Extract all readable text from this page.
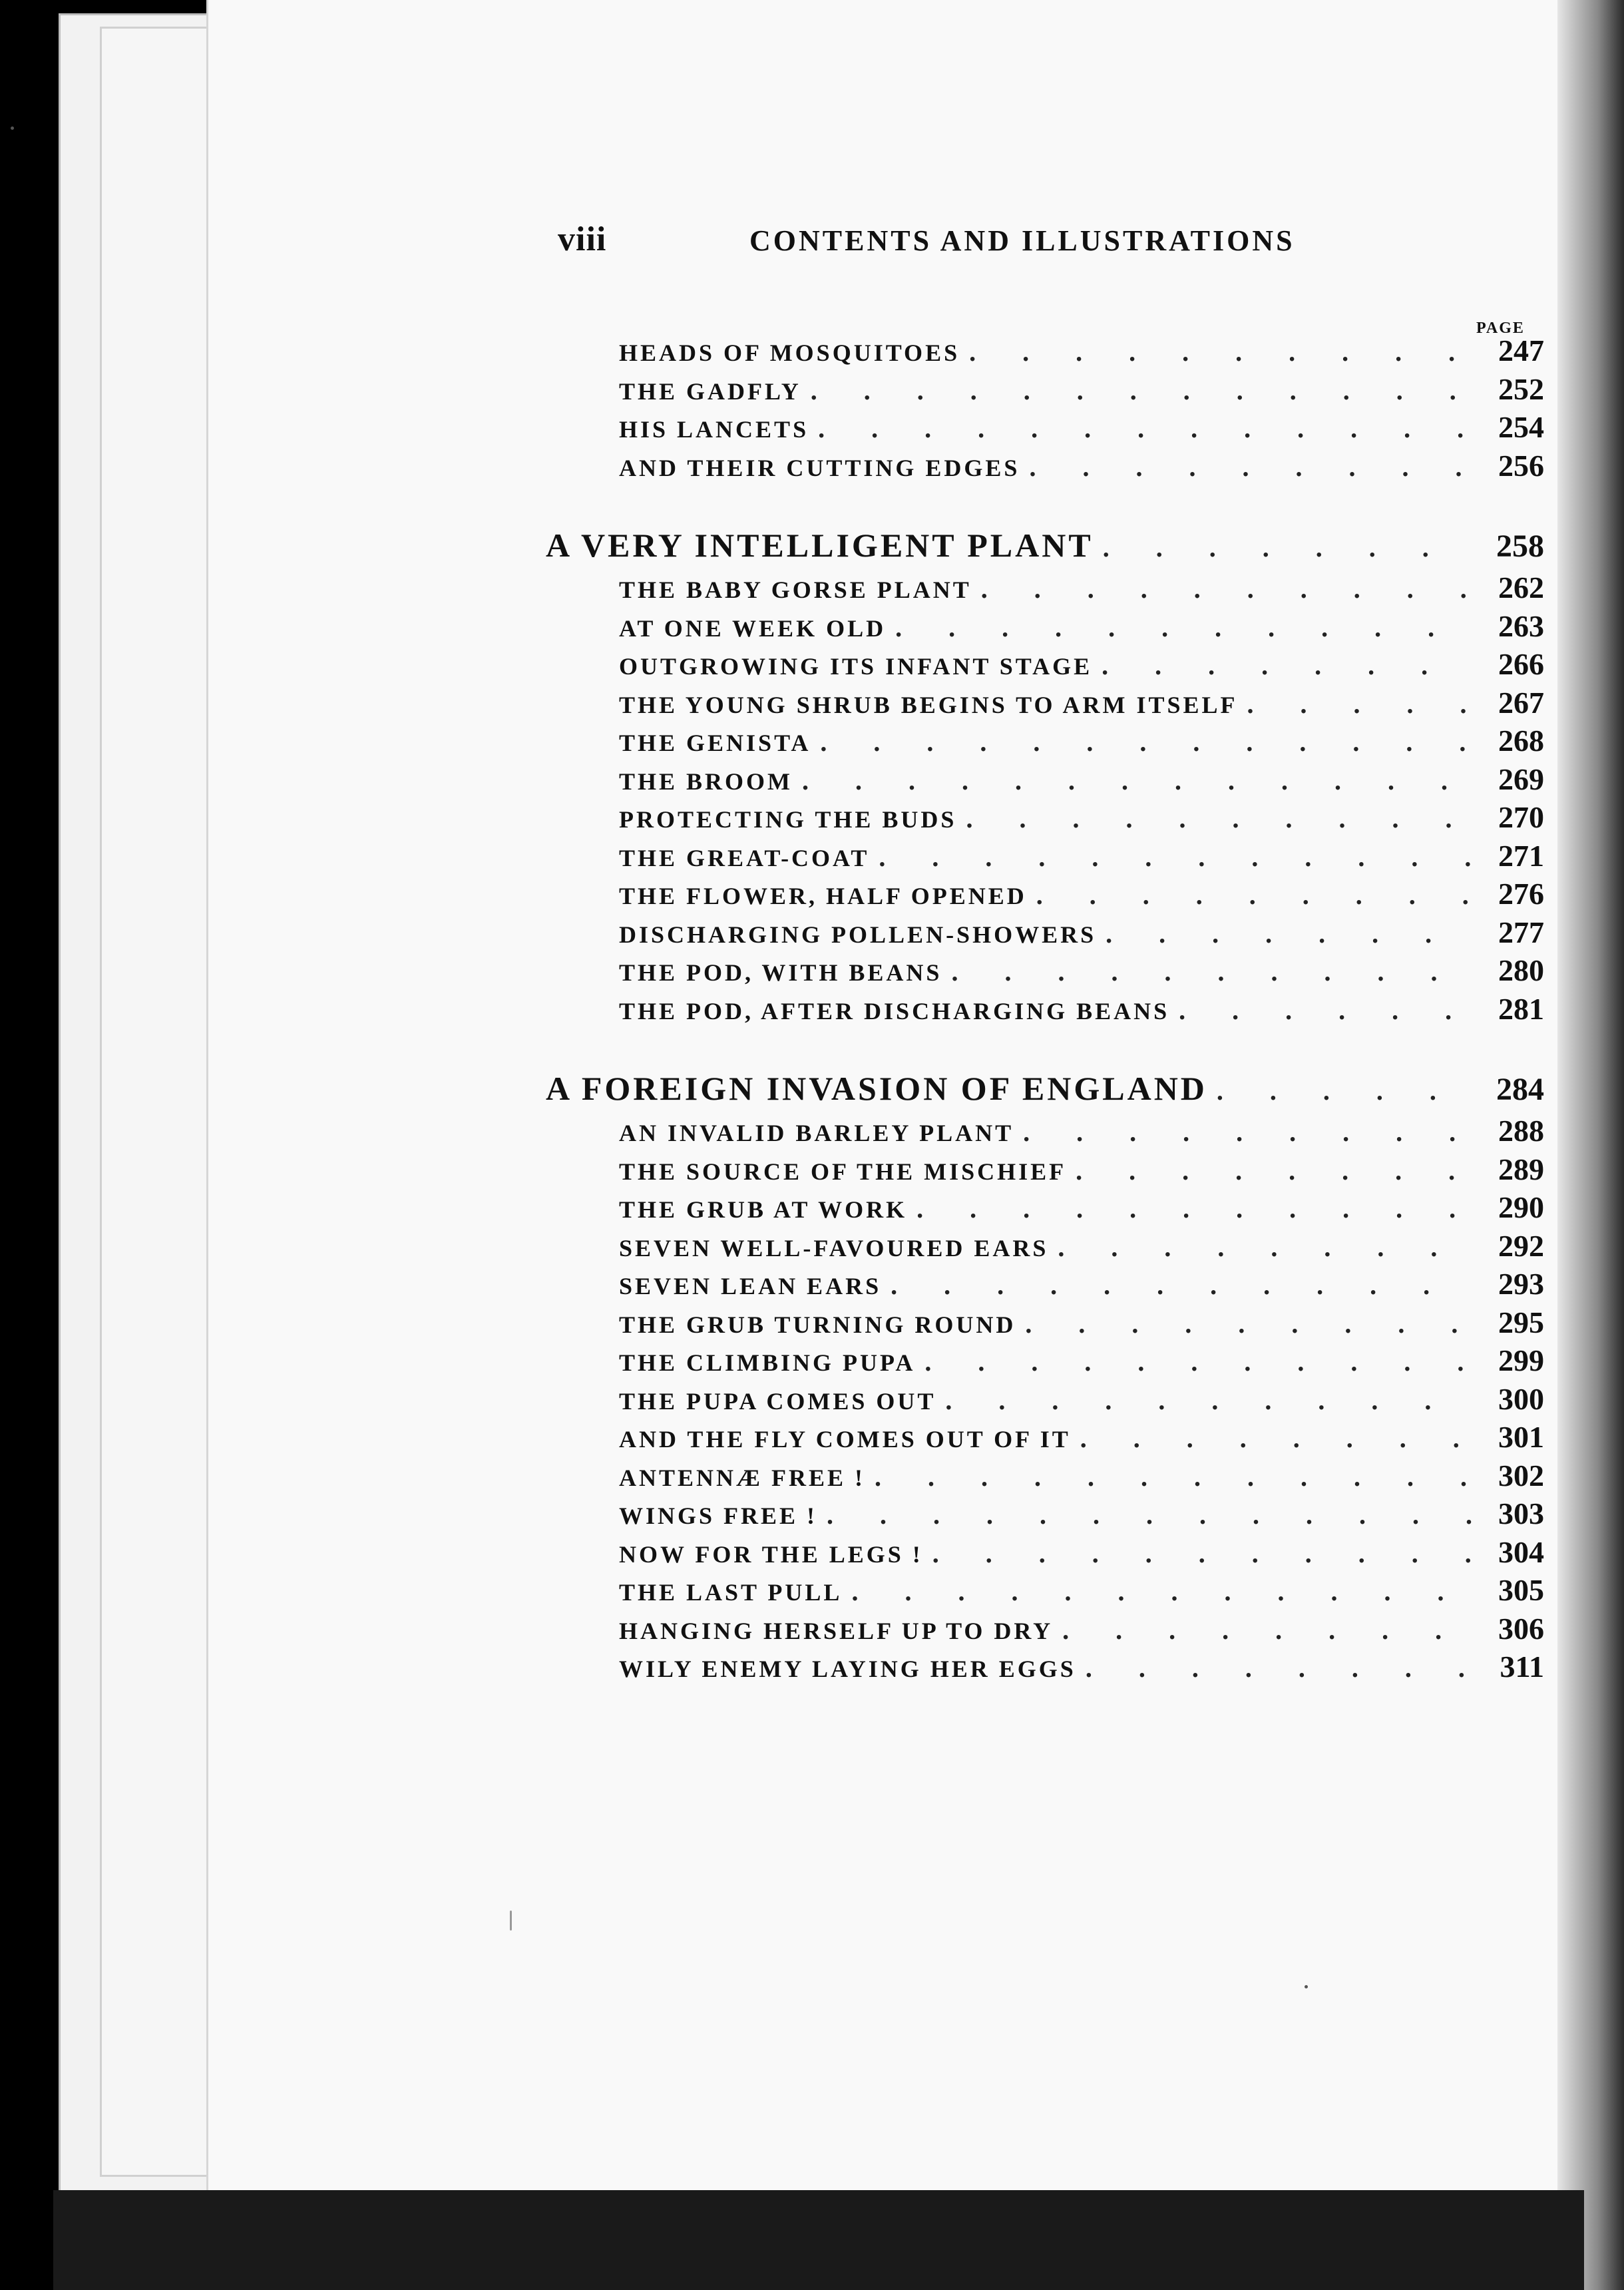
viii	CONTENTS AND ILLUSTRATIONS
PAGE
HEADS OF MOSQUITOES .	247
THE GADFLY .	252
HIS LANCETS .	254
AND THEIR CUTTING EDGES .	256
A VERY INTELLIGENT PLANT .	258
THE BABY GORSE PLANT .	262
AT ONE WEEK OLD .	263
OUTGROWING ITS INFANT STAGE .	266
THE YOUNG SHRUB BEGINS TO ARM ITSELF .	267
THE GENISTA .	268
THE BROOM .	269
PROTECTING THE BUDS .	270
THE GREAT-COAT .	271
THE FLOWER, HALF OPENED .	276
DISCHARGING POLLEN-SHOWERS .	277
THE POD, WITH BEANS .	280
THE POD, AFTER DISCHARGING BEANS .	281
A FOREIGN INVASION OF ENGLAND .	284
AN INVALID BARLEY PLANT .	288
THE SOURCE OF THE MISCHIEF .	289
THE GRUB AT WORK .	290
SEVEN WELL-FAVOURED EARS .	292
SEVEN LEAN EARS .	293
THE GRUB TURNING ROUND .	295
THE CLIMBING PUPA .	299
THE PUPA COMES OUT .	300
AND THE FLY COMES OUT OF IT .	301
ANTENNÆ FREE ! .	302
WINGS FREE ! .	303
NOW FOR THE LEGS ! .	304
THE LAST PULL .	305
HANGING HERSELF UP TO DRY .	306
WILY ENEMY LAYING HER EGGS .	311
